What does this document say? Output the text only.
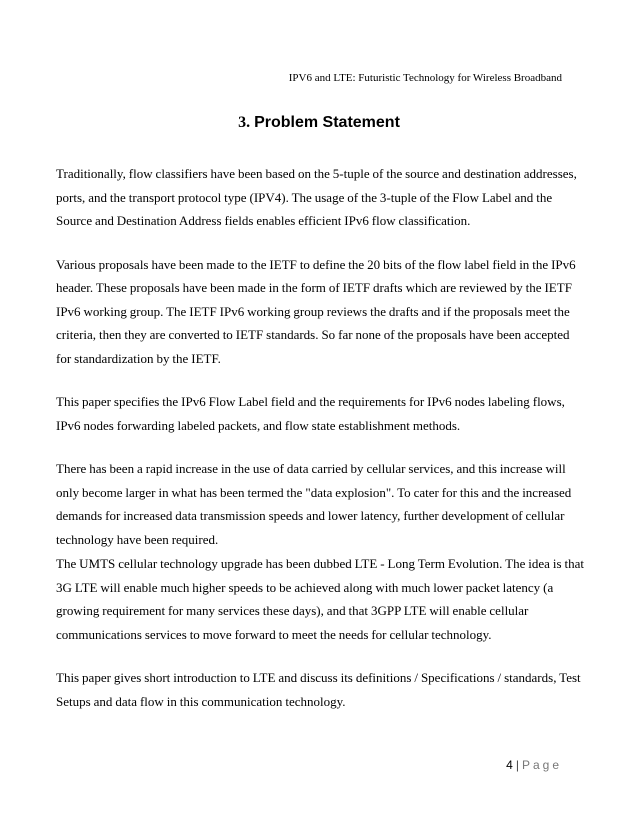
IPV6 and LTE: Futuristic Technology for Wireless Broadband
3. Problem Statement

Traditionally, flow classifiers have been based on the 5-tuple of the source and destination addresses, ports, and the transport protocol type (IPV4). The usage of the 3-tuple of the Flow Label and the Source and Destination Address fields enables efficient IPv6 flow classification.

Various proposals have been made to the IETF to define the 20 bits of the flow label field in the IPv6 header. These proposals have been made in the form of IETF drafts which are reviewed by the IETF IPv6 working group. The IETF IPv6 working group reviews the drafts and if the proposals meet the criteria, then they are converted to IETF standards. So far none of the proposals have been accepted for standardization by the IETF.

This paper specifies the IPv6 Flow Label field and the requirements for IPv6 nodes labeling flows, IPv6 nodes forwarding labeled packets, and flow state establishment methods.

There has been a rapid increase in the use of data carried by cellular services, and this increase will only become larger in what has been termed the "data explosion". To cater for this and the increased demands for increased data transmission speeds and lower latency, further development of cellular technology have been required.

The UMTS cellular technology upgrade has been dubbed LTE - Long Term Evolution. The idea is that 3G LTE will enable much higher speeds to be achieved along with much lower packet latency (a growing requirement for many services these days), and that 3GPP LTE will enable cellular communications services to move forward to meet the needs for cellular technology.

This paper gives short introduction to LTE and discuss its definitions / Specifications / standards, Test Setups and data flow in this communication technology.

4 | Page
